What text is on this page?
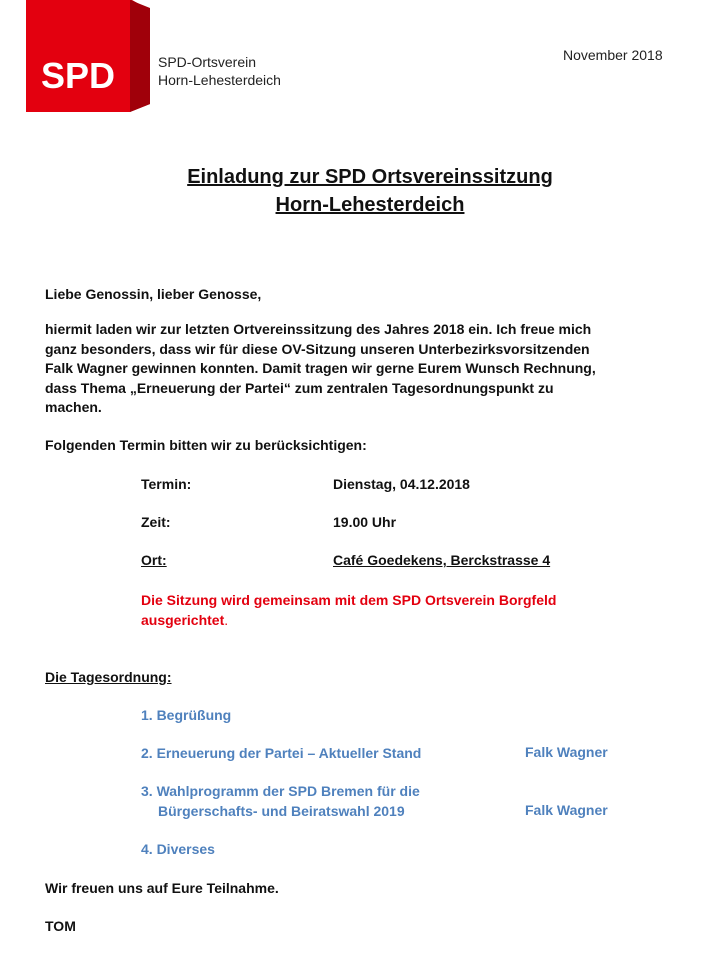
SPD	SPD-Ortsverein
Horn-Lehesterdeich
November 2018
Einladung zur SPD Ortsvereinssitzung
Horn-Lehesterdeich
Liebe Genossin, lieber Genosse,
hiermit laden wir zur letzten Ortvereinssitzung des Jahres 2018 ein. Ich freue mich
ganz besonders, dass wir für diese OV-Sitzung unseren Unterbezirksvorsitzenden
Falk Wagner gewinnen konnten. Damit tragen wir gerne Eurem Wunsch Rechnung,
dass Thema „Erneuerung der Partei“ zum zentralen Tagesordnungspunkt zu
machen.
Folgenden Termin bitten wir zu berücksichtigen:
Termin:	Dienstag, 04.12.2018
Zeit:	19.00 Uhr
Ort:	Café Goedekens, Berckstrasse 4
Die Sitzung wird gemeinsam mit dem SPD Ortsverein Borgfeld
ausgerichtet.
Die Tagesordnung:
1. Begrüßung
2. Erneuerung der Partei – Aktueller Stand	Falk Wagner
3. Wahlprogramm der SPD Bremen für die
Bürgerschafts- und Beiratswahl 2019	Falk Wagner
4. Diverses
Wir freuen uns auf Eure Teilnahme.
TOM
